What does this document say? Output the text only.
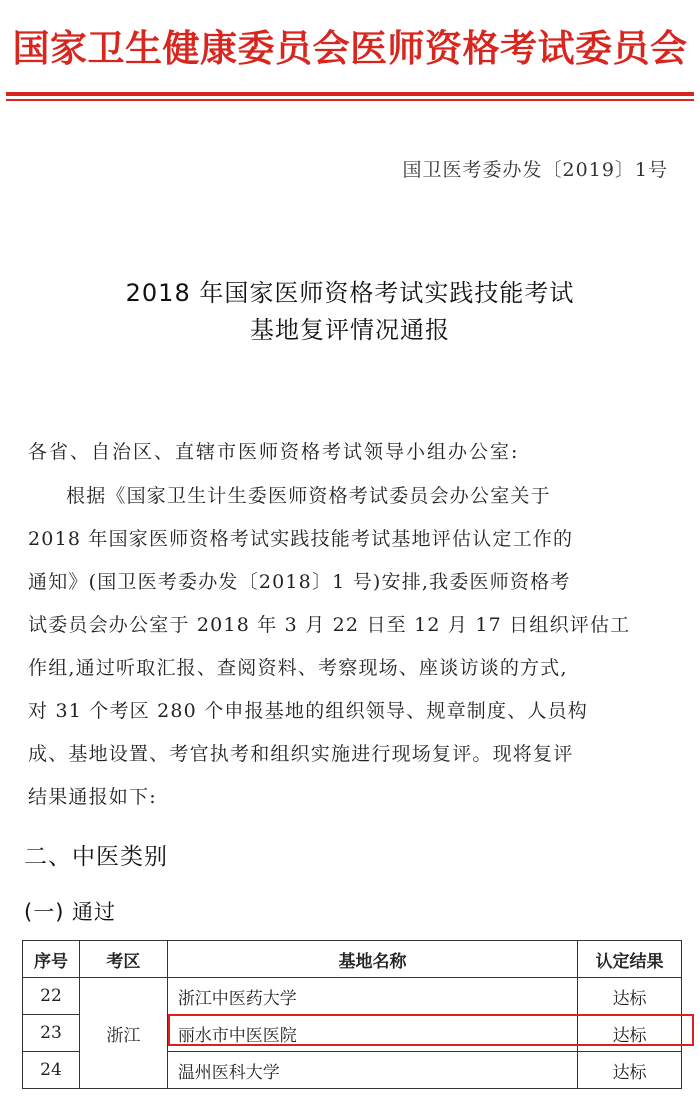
国家卫生健康委员会医师资格考试委员会
国卫医考委办发〔2019〕1号
2018 年国家医师资格考试实践技能考试
基地复评情况通报
各省、自治区、直辖市医师资格考试领导小组办公室:
根据《国家卫生计生委医师资格考试委员会办公室关于
2018 年国家医师资格考试实践技能考试基地评估认定工作的
通知》(国卫医考委办发〔2018〕1 号)安排,我委医师资格考
试委员会办公室于 2018 年 3 月 22 日至 12 月 17 日组织评估工
作组,通过听取汇报、查阅资料、考察现场、座谈访谈的方式,
对 31 个考区 280 个申报基地的组织领导、规章制度、人员构
成、基地设置、考官执考和组织实施进行现场复评。现将复评
结果通报如下:
二、中医类别
(一) 通过
序号	考区	基地名称	认定结果
22	浙江	浙江中医药大学	达标
23		丽水市中医医院	达标
24		温州医科大学	达标
